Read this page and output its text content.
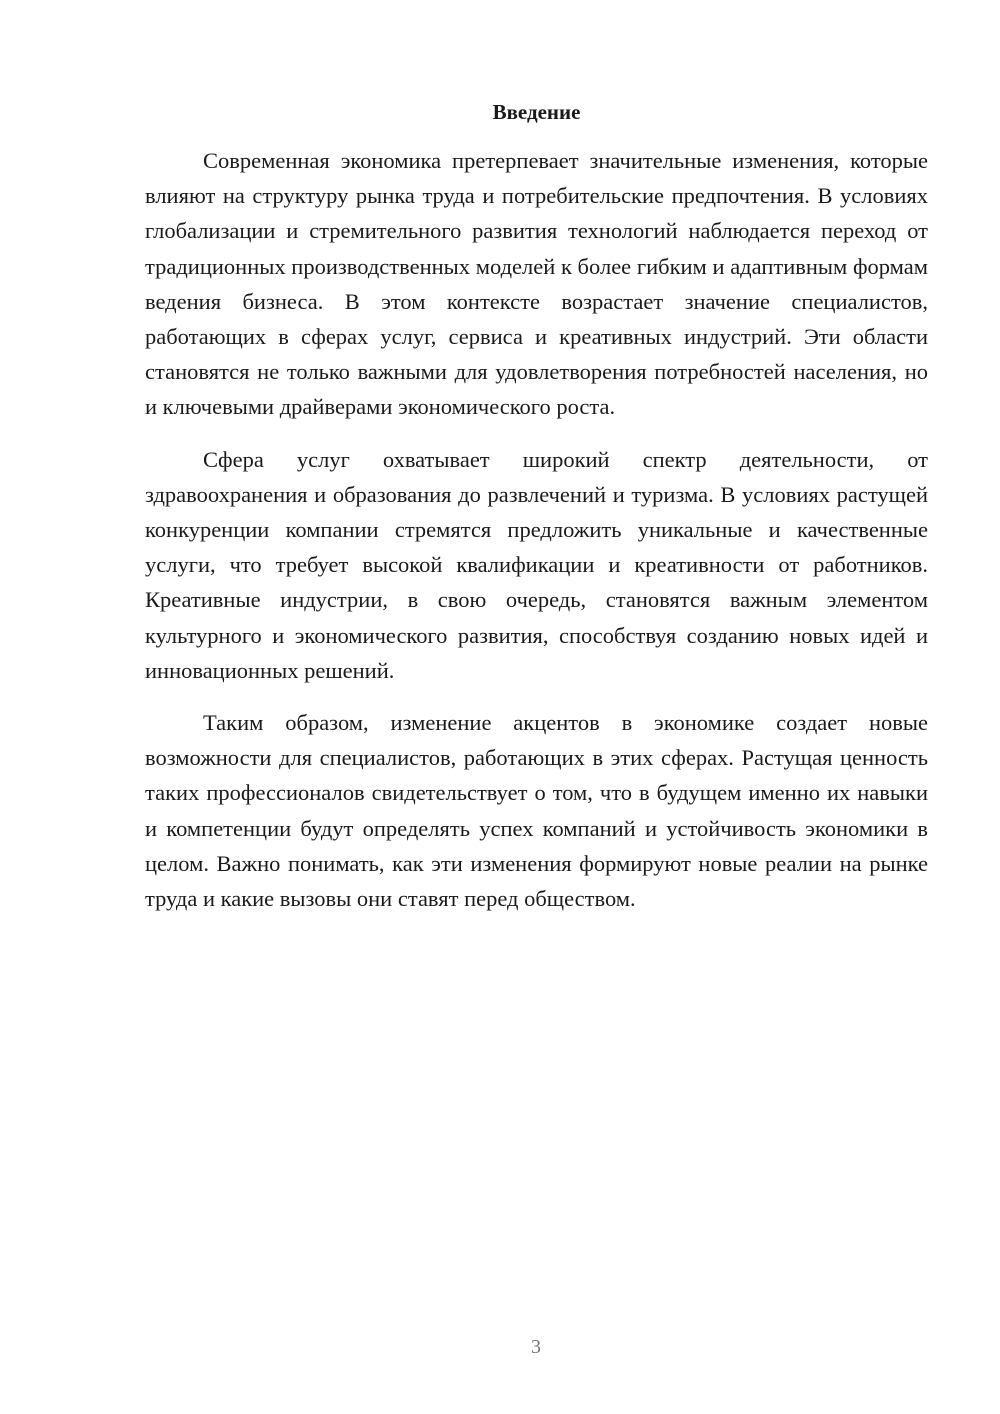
Введение

Современная экономика претерпевает значительные изменения, которые влияют на структуру рынка труда и потребительские предпочтения. В условиях глобализации и стремительного развития технологий наблюдается переход от традиционных производственных моделей к более гибким и адаптивным формам ведения бизнеса. В этом контексте возрастает значение специалистов, работающих в сферах услуг, сервиса и креативных индустрий. Эти области становятся не только важными для удовлетворения потребностей населения, но и ключевыми драйверами экономического роста.

Сфера услуг охватывает широкий спектр деятельности, от здравоохранения и образования до развлечений и туризма. В условиях растущей конкуренции компании стремятся предложить уникальные и качественные услуги, что требует высокой квалификации и креативности от работников. Креативные индустрии, в свою очередь, становятся важным элементом культурного и экономического развития, способствуя созданию новых идей и инновационных решений.

Таким образом, изменение акцентов в экономике создает новые возможности для специалистов, работающих в этих сферах. Растущая ценность таких профессионалов свидетельствует о том, что в будущем именно их навыки и компетенции будут определять успех компаний и устойчивость экономики в целом. Важно понимать, как эти изменения формируют новые реалии на рынке труда и какие вызовы они ставят перед обществом.

3
